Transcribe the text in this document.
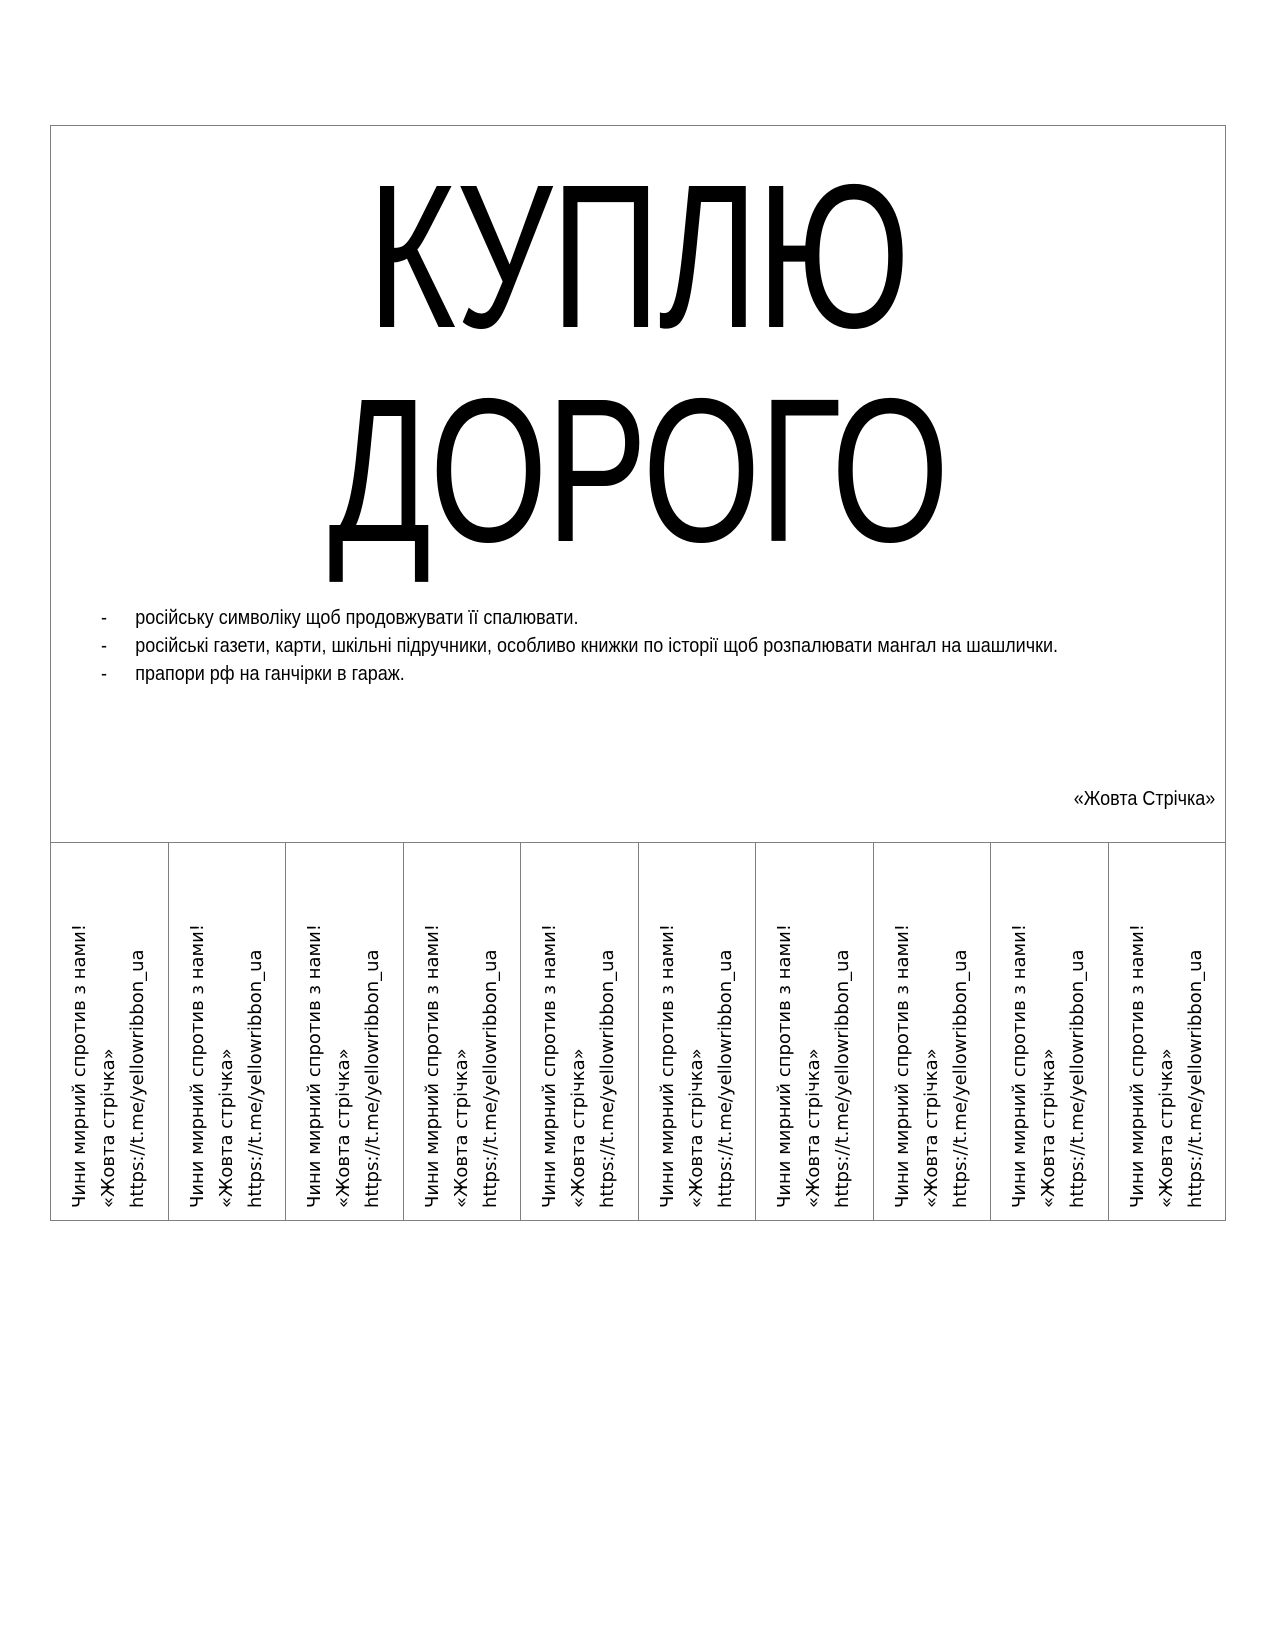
КУПЛЮ
ДОРОГО
- російську символіку щоб продовжувати її спалювати.
- російські газети, карти, шкільні підручники, особливо книжки по історії щоб розпалювати мангал на шашлички.
- прапори рф на ганчірки в гараж.
«Жовта Стрічка»
Чини мирний спротив з нами! «Жовта стрічка» https://t.me/yellowribbon_ua Чини мирний спротив з нами! «Жовта стрічка» https://t.me/yellowribbon_ua Чини мирний спротив з нами! «Жовта стрічка» https://t.me/yellowribbon_ua Чини мирний спротив з нами! «Жовта стрічка» https://t.me/yellowribbon_ua Чини мирний спротив з нами! «Жовта стрічка» https://t.me/yellowribbon_ua Чини мирний спротив з нами! «Жовта стрічка» https://t.me/yellowribbon_ua Чини мирний спротив з нами! «Жовта стрічка» https://t.me/yellowribbon_ua Чини мирний спротив з нами! «Жовта стрічка» https://t.me/yellowribbon_ua Чини мирний спротив з нами! «Жовта стрічка» https://t.me/yellowribbon_ua Чини мирний спротив з нами! «Жовта стрічка» https://t.me/yellowribbon_ua
